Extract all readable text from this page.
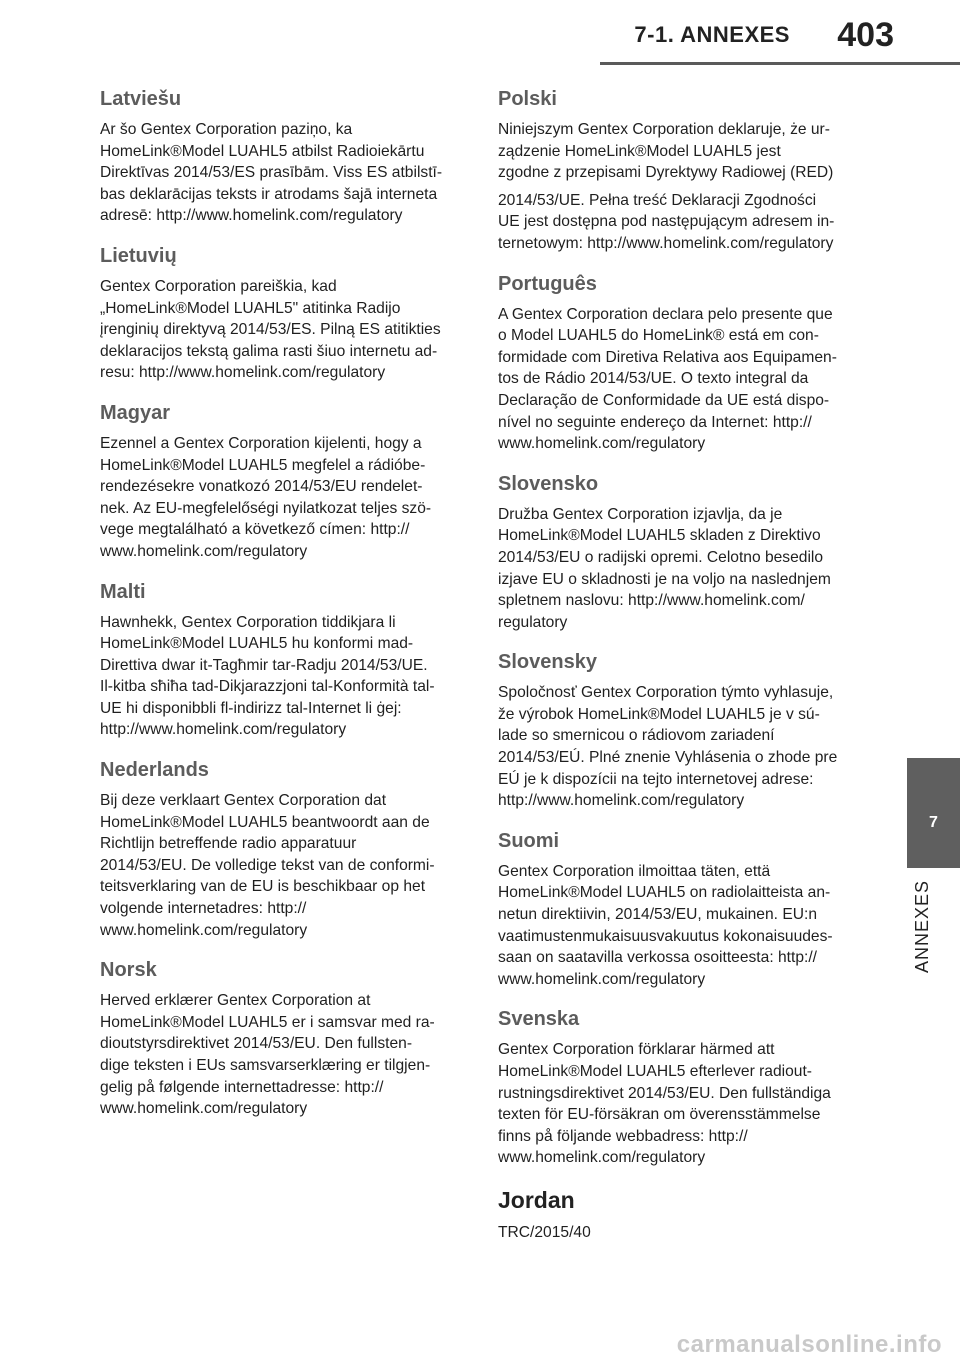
7-1. ANNEXES 403
Latviešu

Ar šo Gentex Corporation paziņo, ka
HomeLink®Model LUAHL5 atbilst Radioiekārtu
Direktīvas 2014/53/ES prasībām. Viss ES atbilstī-
bas deklarācijas teksts ir atrodams šajā interneta
adresē: http://www.homelink.com/regulatory

Lietuvių

Gentex Corporation pareiškia, kad
„HomeLink®Model LUAHL5" atitinka Radijo
įrenginių direktyvą 2014/53/ES. Pilną ES atitikties
deklaracijos tekstą galima rasti šiuo internetu ad-
resu: http://www.homelink.com/regulatory

Magyar

Ezennel a Gentex Corporation kijelenti, hogy a
HomeLink®Model LUAHL5 megfelel a rádióbe-
rendezésekre vonatkozó 2014/53/EU rendelet-
nek. Az EU-megfelelőségi nyilatkozat teljes szö-
vege megtalálható a következő címen: http://
www.homelink.com/regulatory

Malti

Hawnhekk, Gentex Corporation tiddikjara li
HomeLink®Model LUAHL5 hu konformi mad-
Direttiva dwar it-Tagħmir tar-Radju 2014/53/UE.
Il-kitba sħiħa tad-Dikjarazzjoni tal-Konformità tal-
UE hi disponibbli fl-indirizz tal-Internet li ġej:
http://www.homelink.com/regulatory

Nederlands

Bij deze verklaart Gentex Corporation dat
HomeLink®Model LUAHL5 beantwoordt aan de
Richtlijn betreffende radio apparatuur
2014/53/EU. De volledige tekst van de conformi-
teitsverklaring van de EU is beschikbaar op het
volgende internetadres: http://
www.homelink.com/regulatory

Norsk

Herved erklærer Gentex Corporation at
HomeLink®Model LUAHL5 er i samsvar med ra-
dioutstyrsdirektivet 2014/53/EU. Den fullsten-
dige teksten i EUs samsvarserklæring er tilgjen-
gelig på følgende internettadresse: http://
www.homelink.com/regulatory

Polski

Niniejszym Gentex Corporation deklaruje, że ur-
ządzenie HomeLink®Model LUAHL5 jest
zgodne z przepisami Dyrektywy Radiowej (RED)

2014/53/UE. Pełna treść Deklaracji Zgodności
UE jest dostępna pod następującym adresem in-
ternetowym: http://www.homelink.com/regulatory

Português

A Gentex Corporation declara pelo presente que
o Model LUAHL5 do HomeLink® está em con-
formidade com Diretiva Relativa aos Equipamen-
tos de Rádio 2014/53/UE. O texto integral da
Declaração de Conformidade da UE está dispo-
nível no seguinte endereço da Internet: http://
www.homelink.com/regulatory

Slovensko

Družba Gentex Corporation izjavlja, da je
HomeLink®Model LUAHL5 skladen z Direktivo
2014/53/EU o radijski opremi. Celotno besedilo
izjave EU o skladnosti je na voljo na naslednjem
spletnem naslovu: http://www.homelink.com/
regulatory

Slovensky

Spoločnosť Gentex Corporation týmto vyhlasuje,
že výrobok HomeLink®Model LUAHL5 je v sú-
lade so smernicou o rádiovom zariadení
2014/53/EÚ. Plné znenie Vyhlásenia o zhode pre
EÚ je k dispozícii na tejto internetovej adrese:
http://www.homelink.com/regulatory

Suomi

Gentex Corporation ilmoittaa täten, että
HomeLink®Model LUAHL5 on radiolaitteista an-
netun direktiivin, 2014/53/EU, mukainen. EU:n
vaatimustenmukaisuusvakuutus kokonaisuudes-
saan on saatavilla verkossa osoitteesta: http://
www.homelink.com/regulatory

Svenska

Gentex Corporation förklarar härmed att
HomeLink®Model LUAHL5 efterlever radiout-
rustningsdirektivet 2014/53/EU. Den fullständiga
texten för EU-försäkran om överensstämmelse
finns på följande webbadress: http://
www.homelink.com/regulatory

Jordan

TRC/2015/40

7
ANNEXES
carmanualsonline.info
